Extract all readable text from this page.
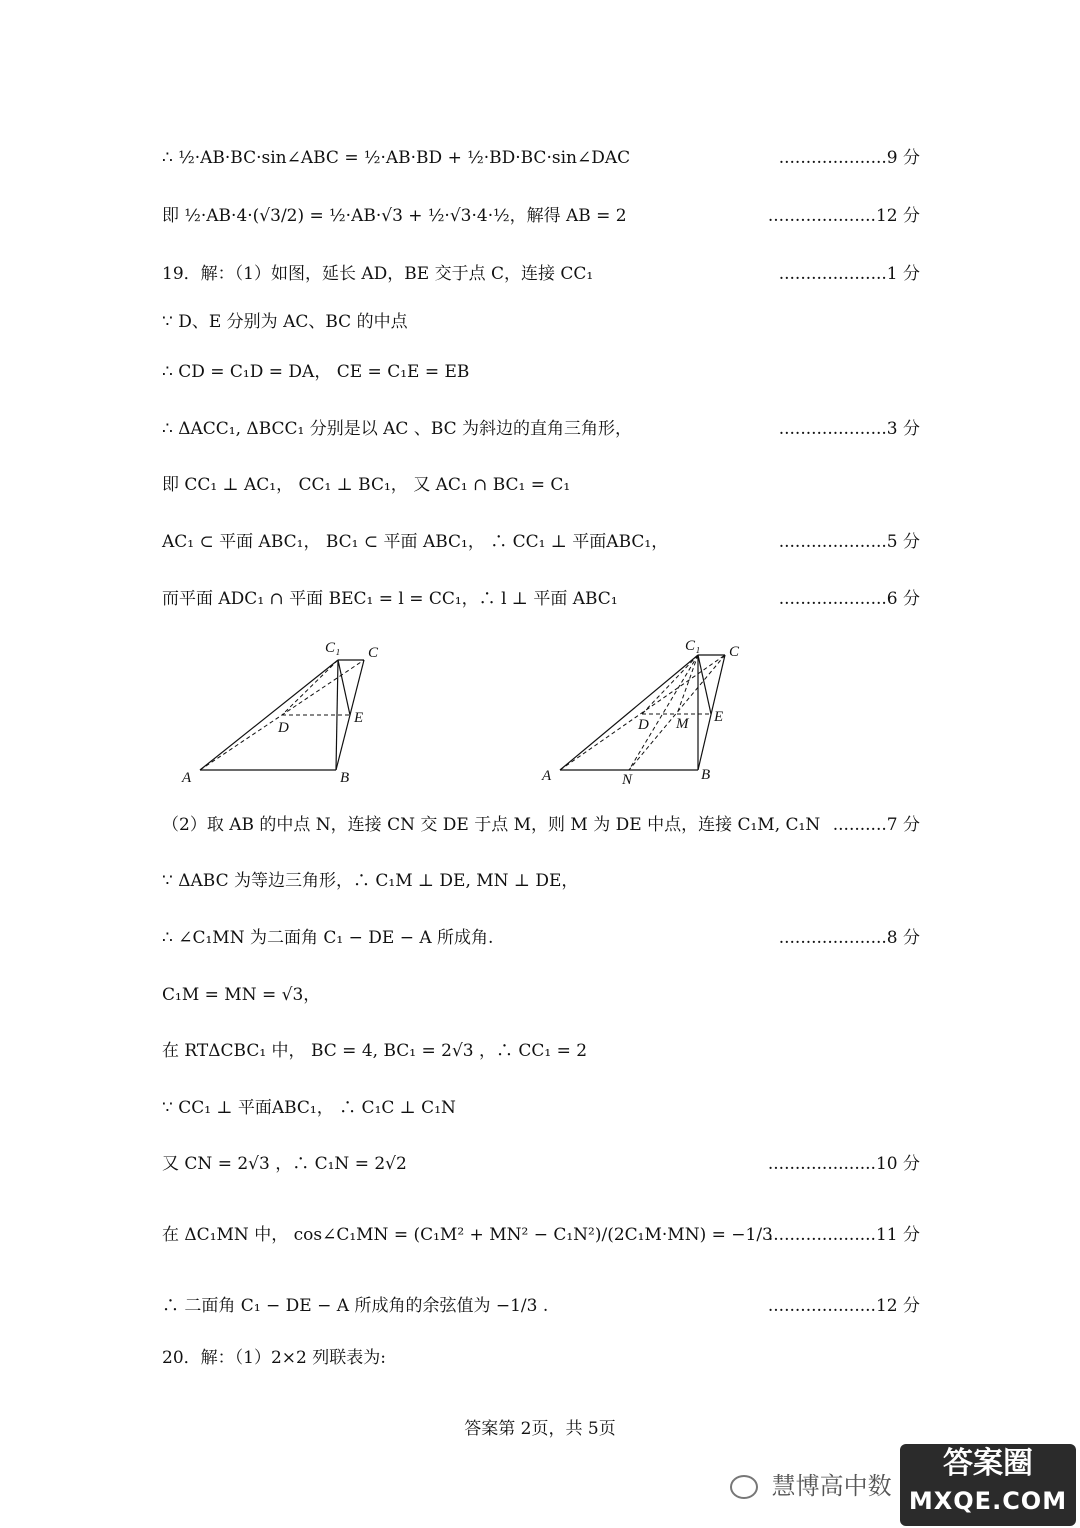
∴ ½·AB·BC·sin∠ABC = ½·AB·BD + ½·BD·BC·sin∠DAC	....................9 分
即 ½·AB·4·(√3/2) = ½·AB·√3 + ½·√3·4·½，解得 AB = 2	....................12 分
19．解：（1）如图，延长 AD，BE 交于点 C，连接 CC₁	....................1 分
∵ D、E 分别为 AC、BC 的中点
∴ CD = C₁D = DA， CE = C₁E = EB
∴ ΔACC₁, ΔBCC₁ 分别是以 AC 、BC 为斜边的直角三角形，	....................3 分
即 CC₁ ⊥ AC₁， CC₁ ⊥ BC₁， 又 AC₁ ∩ BC₁ = C₁
AC₁ ⊂ 平面 ABC₁， BC₁ ⊂ 平面 ABC₁， ∴ CC₁ ⊥ 平面ABC₁，	....................5 分
而平面 ADC₁ ∩ 平面 BEC₁ = l = CC₁，∴ l ⊥ 平面 ABC₁	....................6 分
C₁ C
D
E
A	B
C₁ C
D M E
A	N	B
（2）取 AB 的中点 N，连接 CN 交 DE 于点 M，则 M 为 DE 中点，连接 C₁M, C₁N ..........7 分
∵ ΔABC 为等边三角形，∴ C₁M ⊥ DE, MN ⊥ DE，
∴ ∠C₁MN 为二面角 C₁ − DE − A 所成角.	....................8 分
C₁M = MN = √3，
在 RTΔCBC₁ 中， BC = 4, BC₁ = 2√3 ，∴ CC₁ = 2
∵ CC₁ ⊥ 平面ABC₁， ∴ C₁C ⊥ C₁N
又 CN = 2√3 ，∴ C₁N = 2√2	....................10 分
在 ΔC₁MN 中， cos∠C₁MN = (C₁M² + MN² − C₁N²)/(2C₁M·MN) = −1/3
....................11 分
∴ 二面角 C₁ − DE − A 所成角的余弦值为 −1/3 .	....................12 分
20．解：（1）2×2 列联表为:
答案第 2页，共 5页
慧博高中数
答案圈
MXQE.COM
